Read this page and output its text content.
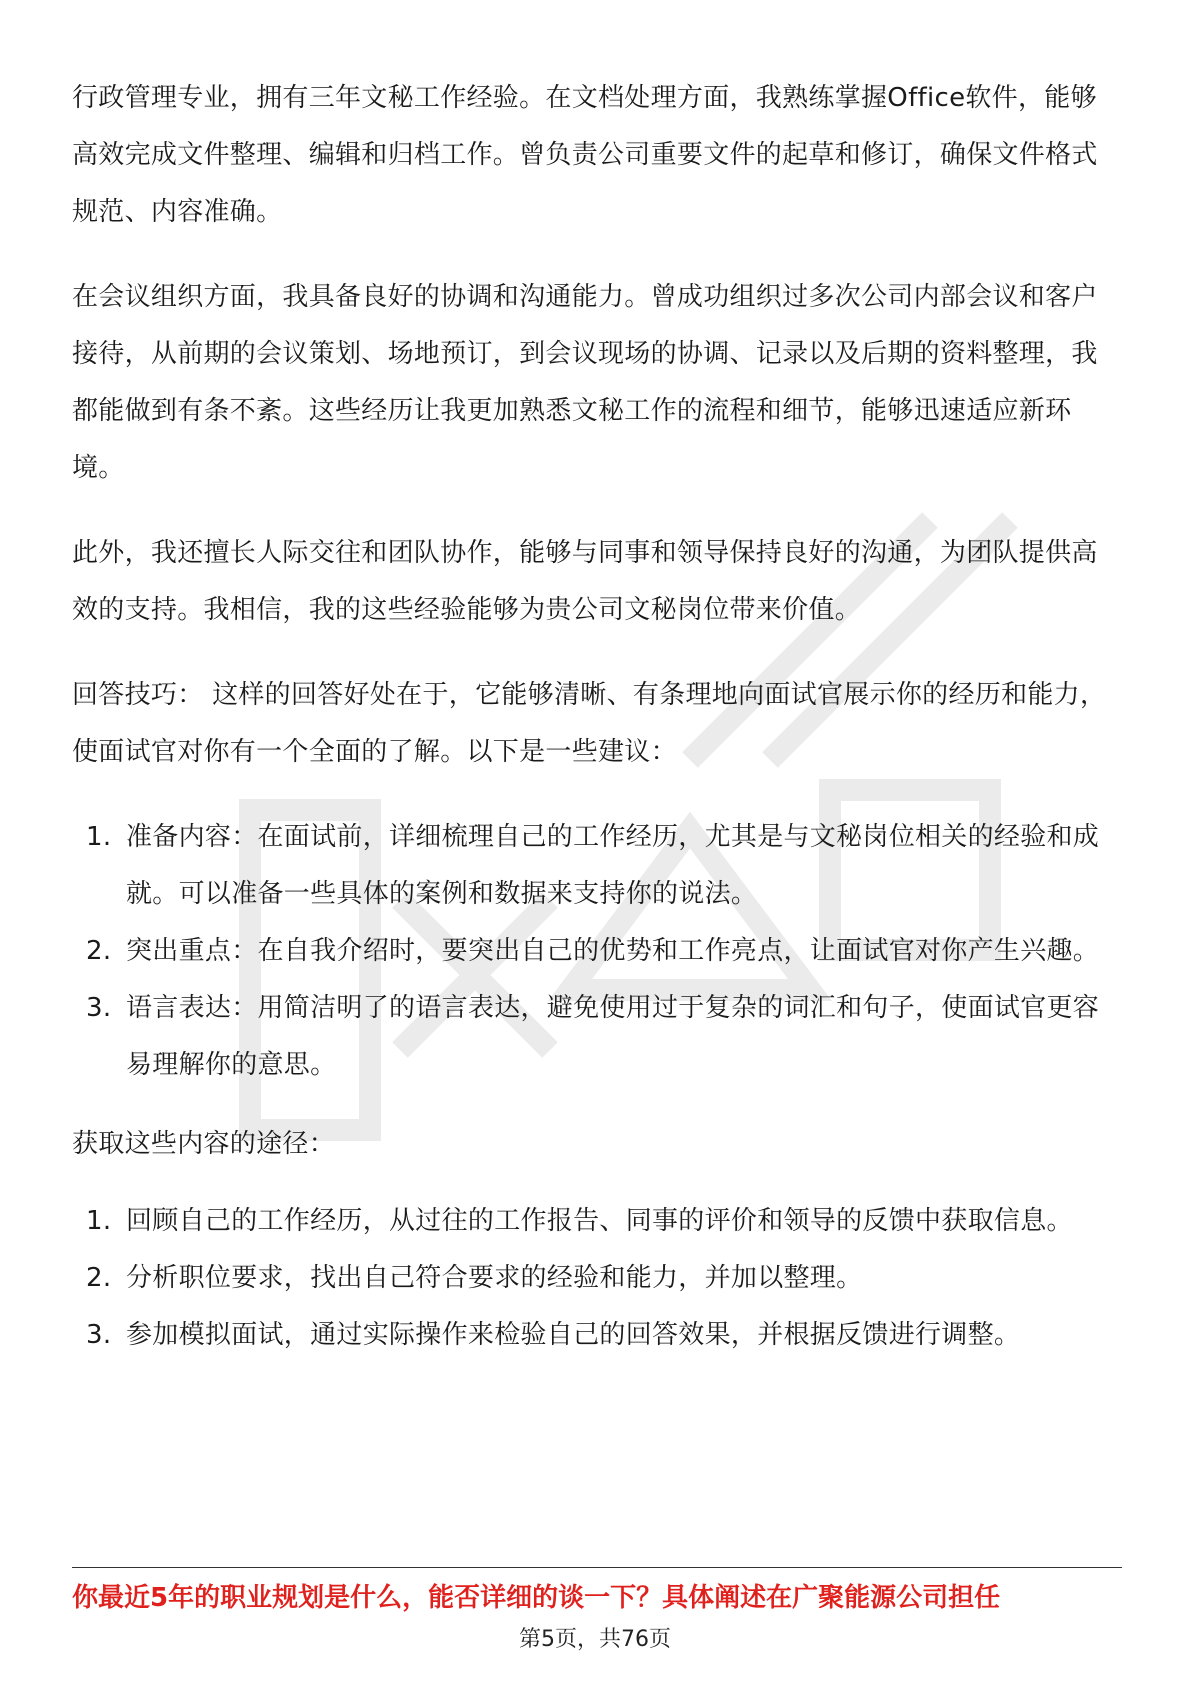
行政管理专业，拥有三年文秘工作经验。在文档处理方面，我熟练掌握Office软件，能够高效完成文件整理、编辑和归档工作。曾负责公司重要文件的起草和修订，确保文件格式规范、内容准确。

在会议组织方面，我具备良好的协调和沟通能力。曾成功组织过多次公司内部会议和客户接待，从前期的会议策划、场地预订，到会议现场的协调、记录以及后期的资料整理，我都能做到有条不紊。这些经历让我更加熟悉文秘工作的流程和细节，能够迅速适应新环境。

此外，我还擅长人际交往和团队协作，能够与同事和领导保持良好的沟通，为团队提供高效的支持。我相信，我的这些经验能够为贵公司文秘岗位带来价值。

回答技巧： 这样的回答好处在于，它能够清晰、有条理地向面试官展示你的经历和能力，使面试官对你有一个全面的了解。以下是一些建议：

1. 准备内容：在面试前，详细梳理自己的工作经历，尤其是与文秘岗位相关的经验和成就。可以准备一些具体的案例和数据来支持你的说法。
2. 突出重点：在自我介绍时，要突出自己的优势和工作亮点，让面试官对你产生兴趣。
3. 语言表达：用简洁明了的语言表达，避免使用过于复杂的词汇和句子，使面试官更容易理解你的意思。

获取这些内容的途径：

1. 回顾自己的工作经历，从过往的工作报告、同事的评价和领导的反馈中获取信息。
2. 分析职位要求，找出自己符合要求的经验和能力，并加以整理。
3. 参加模拟面试，通过实际操作来检验自己的回答效果，并根据反馈进行调整。
你最近5年的职业规划是什么，能否详细的谈一下？具体阐述在广聚能源公司担任
第5页，共76页
